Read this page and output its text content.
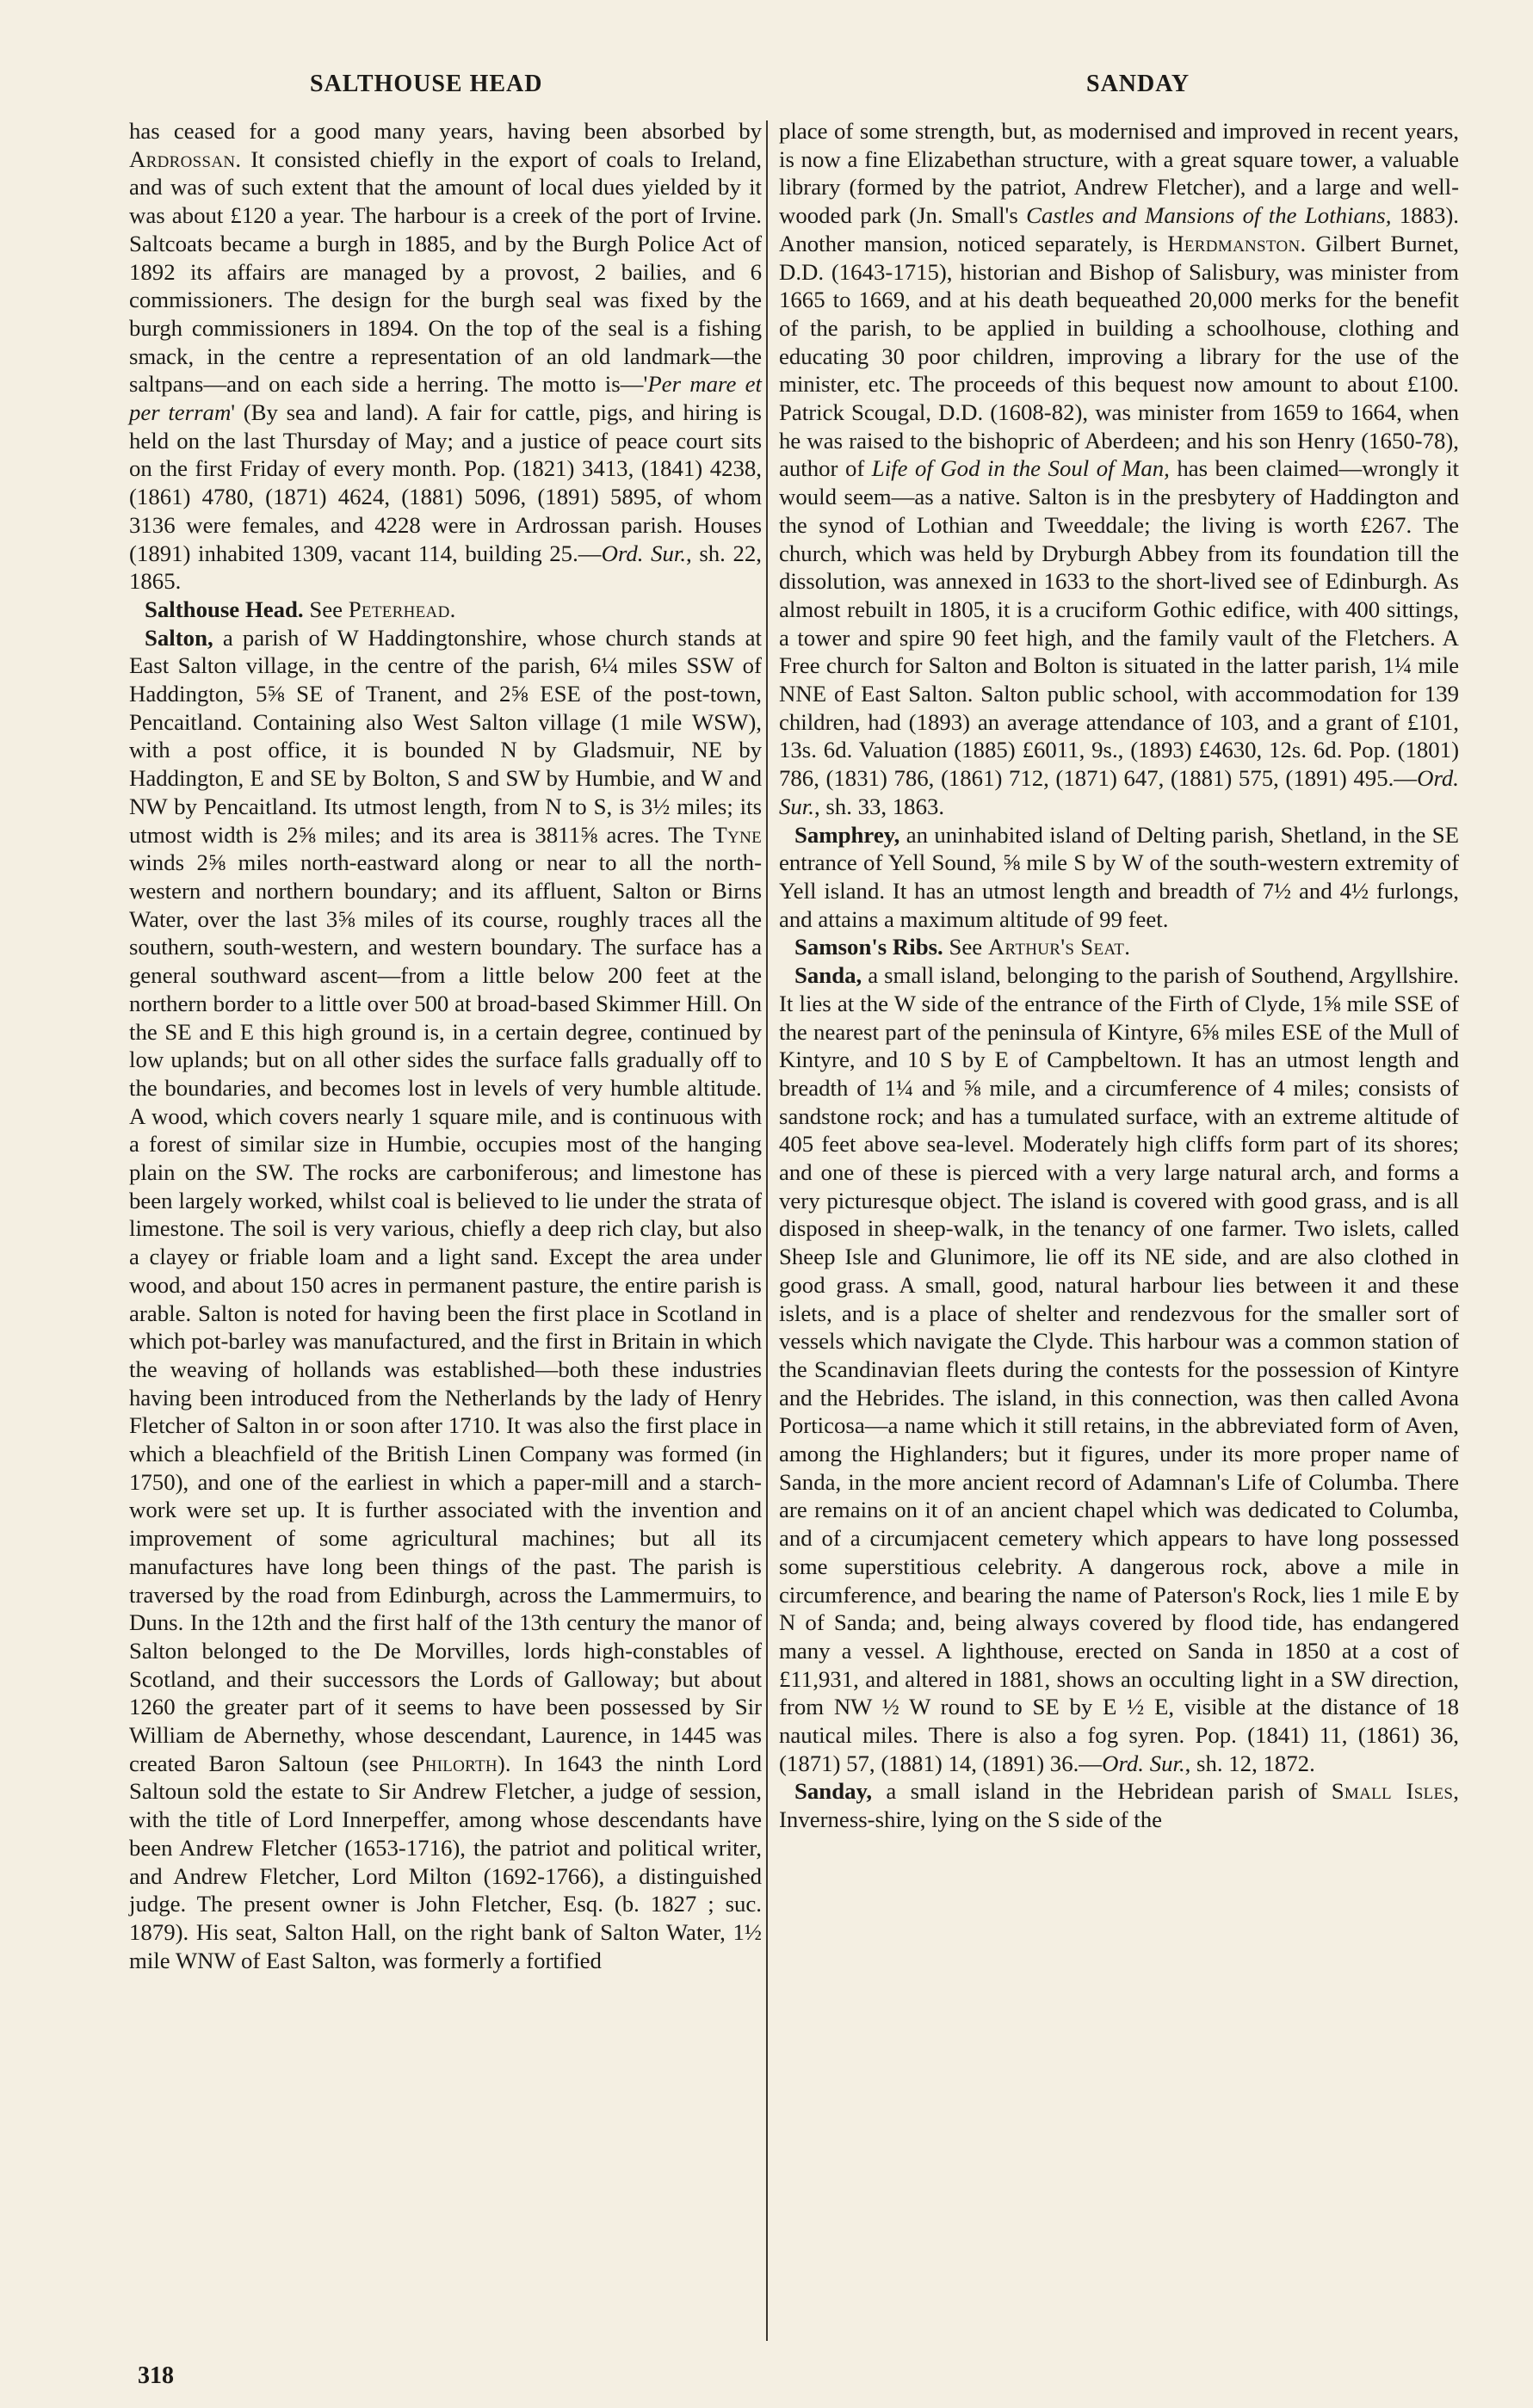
SALTHOUSE HEAD	SANDAY

has ceased for a good many years, having been absorbed by Ardrossan. It consisted chiefly in the export of coals to Ireland, and was of such extent that the amount of local dues yielded by it was about £120 a year. The harbour is a creek of the port of Irvine. Saltcoats became a burgh in 1885, and by the Burgh Police Act of 1892 its affairs are managed by a provost, 2 bailies, and 6 commissioners. The design for the burgh seal was fixed by the burgh commissioners in 1894. On the top of the seal is a fishing smack, in the centre a representation of an old landmark—the saltpans—and on each side a herring. The motto is—'Per mare et per terram' (By sea and land). A fair for cattle, pigs, and hiring is held on the last Thursday of May; and a justice of peace court sits on the first Friday of every month. Pop. (1821) 3413, (1841) 4238, (1861) 4780, (1871) 4624, (1881) 5096, (1891) 5895, of whom 3136 were females, and 4228 were in Ardrossan parish. Houses (1891) inhabited 1309, vacant 114, building 25.—Ord. Sur., sh. 22, 1865.

Salthouse Head. See Peterhead.

Salton, a parish of W Haddingtonshire, whose church stands at East Salton village, in the centre of the parish, 6¼ miles SSW of Haddington, 5⅝ SE of Tranent, and 2⅝ ESE of the post-town, Pencaitland. Containing also West Salton village (1 mile WSW), with a post office, it is bounded N by Gladsmuir, NE by Haddington, E and SE by Bolton, S and SW by Humbie, and W and NW by Pencaitland. Its utmost length, from N to S, is 3½ miles; its utmost width is 2⅝ miles; and its area is 3811⅝ acres. The Tyne winds 2⅝ miles north-eastward along or near to all the north-western and northern boundary; and its affluent, Salton or Birns Water, over the last 3⅝ miles of its course, roughly traces all the southern, south-western, and western boundary. The surface has a general southward ascent—from a little below 200 feet at the northern border to a little over 500 at broad-based Skimmer Hill. On the SE and E this high ground is, in a certain degree, continued by low uplands; but on all other sides the surface falls gradually off to the boundaries, and becomes lost in levels of very humble altitude. A wood, which covers nearly 1 square mile, and is continuous with a forest of similar size in Humbie, occupies most of the hanging plain on the SW. The rocks are carboniferous; and limestone has been largely worked, whilst coal is believed to lie under the strata of limestone. The soil is very various, chiefly a deep rich clay, but also a clayey or friable loam and a light sand. Except the area under wood, and about 150 acres in permanent pasture, the entire parish is arable. Salton is noted for having been the first place in Scotland in which pot-barley was manufactured, and the first in Britain in which the weaving of hollands was established—both these industries having been introduced from the Netherlands by the lady of Henry Fletcher of Salton in or soon after 1710. It was also the first place in which a bleachfield of the British Linen Company was formed (in 1750), and one of the earliest in which a paper-mill and a starch-work were set up. It is further associated with the invention and improvement of some agricultural machines; but all its manufactures have long been things of the past. The parish is traversed by the road from Edinburgh, across the Lammermuirs, to Duns. In the 12th and the first half of the 13th century the manor of Salton belonged to the De Morvilles, lords high-constables of Scotland, and their successors the Lords of Galloway; but about 1260 the greater part of it seems to have been possessed by Sir William de Abernethy, whose descendant, Laurence, in 1445 was created Baron Saltoun (see Philorth). In 1643 the ninth Lord Saltoun sold the estate to Sir Andrew Fletcher, a judge of session, with the title of Lord Innerpeffer, among whose descendants have been Andrew Fletcher (1653-1716), the patriot and political writer, and Andrew Fletcher, Lord Milton (1692-1766), a distinguished judge. The present owner is John Fletcher, Esq. (b. 1827 ; suc. 1879). His seat, Salton Hall, on the right bank of Salton Water, 1½ mile WNW of East Salton, was formerly a fortified

place of some strength, but, as modernised and improved in recent years, is now a fine Elizabethan structure, with a great square tower, a valuable library (formed by the patriot, Andrew Fletcher), and a large and well-wooded park (Jn. Small's Castles and Mansions of the Lothians, 1883). Another mansion, noticed separately, is Herdmanston. Gilbert Burnet, D.D. (1643-1715), historian and Bishop of Salisbury, was minister from 1665 to 1669, and at his death bequeathed 20,000 merks for the benefit of the parish, to be applied in building a schoolhouse, clothing and educating 30 poor children, improving a library for the use of the minister, etc. The proceeds of this bequest now amount to about £100. Patrick Scougal, D.D. (1608-82), was minister from 1659 to 1664, when he was raised to the bishopric of Aberdeen; and his son Henry (1650-78), author of Life of God in the Soul of Man, has been claimed—wrongly it would seem—as a native. Salton is in the presbytery of Haddington and the synod of Lothian and Tweeddale; the living is worth £267. The church, which was held by Dryburgh Abbey from its foundation till the dissolution, was annexed in 1633 to the short-lived see of Edinburgh. As almost rebuilt in 1805, it is a cruciform Gothic edifice, with 400 sittings, a tower and spire 90 feet high, and the family vault of the Fletchers. A Free church for Salton and Bolton is situated in the latter parish, 1¼ mile NNE of East Salton. Salton public school, with accommodation for 139 children, had (1893) an average attendance of 103, and a grant of £101, 13s. 6d. Valuation (1885) £6011, 9s., (1893) £4630, 12s. 6d. Pop. (1801) 786, (1831) 786, (1861) 712, (1871) 647, (1881) 575, (1891) 495.—Ord. Sur., sh. 33, 1863.

Samphrey, an uninhabited island of Delting parish, Shetland, in the SE entrance of Yell Sound, ⅝ mile S by W of the south-western extremity of Yell island. It has an utmost length and breadth of 7½ and 4½ furlongs, and attains a maximum altitude of 99 feet.

Samson's Ribs. See Arthur's Seat.

Sanda, a small island, belonging to the parish of Southend, Argyllshire. It lies at the W side of the entrance of the Firth of Clyde, 1⅝ mile SSE of the nearest part of the peninsula of Kintyre, 6⅝ miles ESE of the Mull of Kintyre, and 10 S by E of Campbeltown. It has an utmost length and breadth of 1¼ and ⅝ mile, and a circumference of 4 miles; consists of sandstone rock; and has a tumulated surface, with an extreme altitude of 405 feet above sea-level. Moderately high cliffs form part of its shores; and one of these is pierced with a very large natural arch, and forms a very picturesque object. The island is covered with good grass, and is all disposed in sheep-walk, in the tenancy of one farmer. Two islets, called Sheep Isle and Glunimore, lie off its NE side, and are also clothed in good grass. A small, good, natural harbour lies between it and these islets, and is a place of shelter and rendezvous for the smaller sort of vessels which navigate the Clyde. This harbour was a common station of the Scandinavian fleets during the contests for the possession of Kintyre and the Hebrides. The island, in this connection, was then called Avona Porticosa—a name which it still retains, in the abbreviated form of Aven, among the Highlanders; but it figures, under its more proper name of Sanda, in the more ancient record of Adamnan's Life of Columba. There are remains on it of an ancient chapel which was dedicated to Columba, and of a circumjacent cemetery which appears to have long possessed some superstitious celebrity. A dangerous rock, above a mile in circumference, and bearing the name of Paterson's Rock, lies 1 mile E by N of Sanda; and, being always covered by flood tide, has endangered many a vessel. A lighthouse, erected on Sanda in 1850 at a cost of £11,931, and altered in 1881, shows an occulting light in a SW direction, from NW ½ W round to SE by E ½ E, visible at the distance of 18 nautical miles. There is also a fog syren. Pop. (1841) 11, (1861) 36, (1871) 57, (1881) 14, (1891) 36.—Ord. Sur., sh. 12, 1872.

Sanday, a small island in the Hebridean parish of Small Isles, Inverness-shire, lying on the S side of the

318
